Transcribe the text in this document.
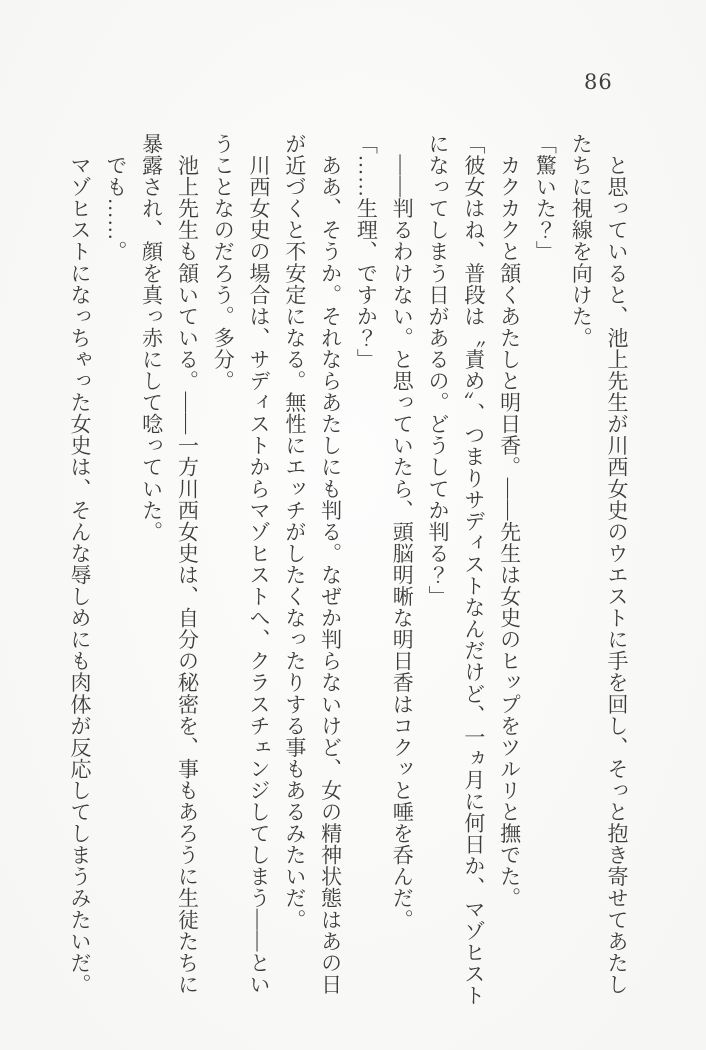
86
　と思っていると、池上先生が川西女史のウエストに手を回し、そっと抱き寄せてあたし
たちに視線を向けた。
「驚いた？」
　カクカクと頷くあたしと明日香。――先生は女史のヒップをツルリと撫でた。
「彼女はね、普段は〝責め〟、つまりサディストなんだけど、一ヵ月に何日か、マゾヒスト
になってしまう日があるの。どうしてか判る？」
　――判るわけない。と思っていたら、頭脳明晰な明日香はコクッと唾を呑んだ。
「……生理、ですか？」
　ああ、そうか。それならあたしにも判る。なぜか判らないけど、女の精神状態はあの日
が近づくと不安定になる。無性にエッチがしたくなったりする事もあるみたいだ。
　川西女史の場合は、サディストからマゾヒストへ、クラスチェンジしてしまう――とい
うことなのだろう。多分。
　池上先生も頷いている。――一方川西女史は、自分の秘密を、事もあろうに生徒たちに
暴露され、顔を真っ赤にして唸っていた。
　でも……。
　マゾヒストになっちゃった女史は、そんな辱しめにも肉体が反応してしまうみたいだ。
